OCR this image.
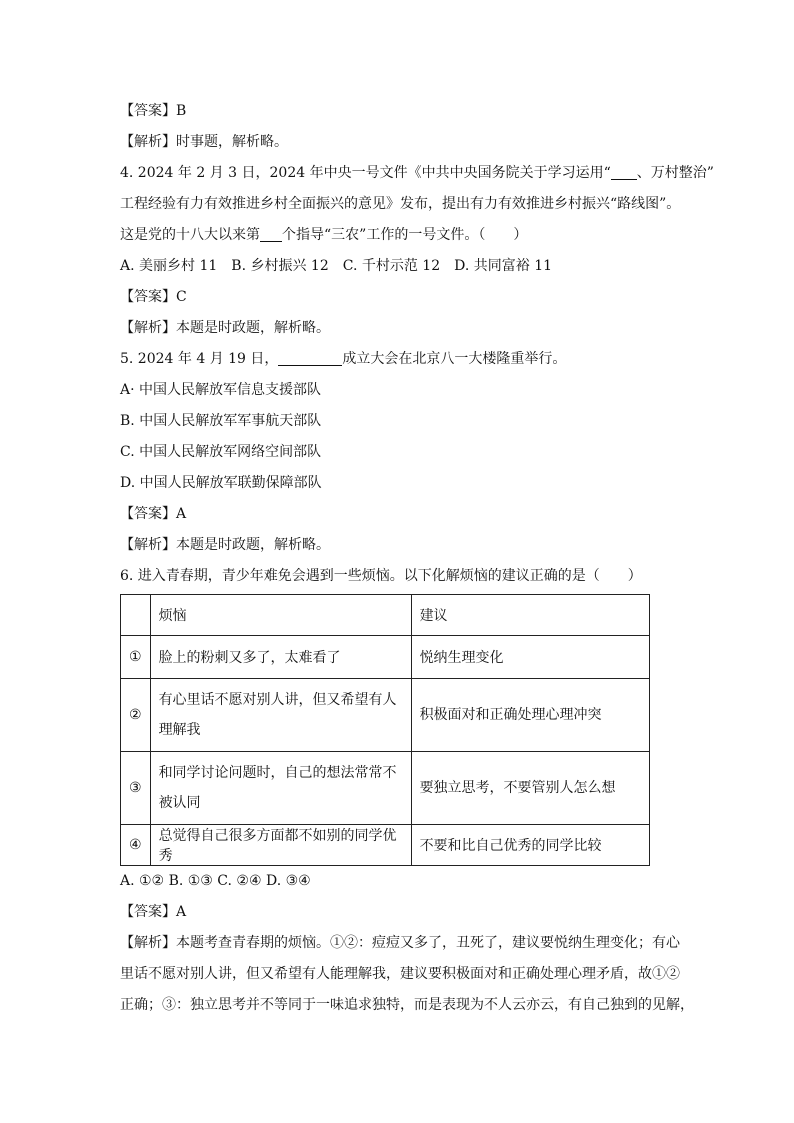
【答案】B
【解析】时事题，解析略。
4. 2024 年 2 月 3 日，2024 年中央一号文件《中共中央国务院关于学习运用“ 、万村整治”
工程经验有力有效推进乡村全面振兴的意见》发布，提出有力有效推进乡村振兴“路线图”。
这是党的十八大以来第 个指导“三农”工作的一号文件。（　　）
A. 美丽乡村 11 B. 乡村振兴 12 C. 千村示范 12 D. 共同富裕 11
【答案】C
【解析】本题是时政题，解析略。
5. 2024 年 4 月 19 日，	成立大会在北京八一大楼隆重举行。
A· 中国人民解放军信息支援部队
B. 中国人民解放军军事航天部队
C. 中国人民解放军网络空间部队
D. 中国人民解放军联勤保障部队
【答案】A
【解析】本题是时政题，解析略。
6. 进入青春期，青少年难免会遇到一些烦恼。以下化解烦恼的建议正确的是（　　）
	烦恼	建议
①	脸上的粉刺又多了，太难看了	悦纳生理变化
②	有心里话不愿对别人讲，但又希望有人理解我	积极面对和正确处理心理冲突
③	和同学讨论问题时，自己的想法常常不被认同	要独立思考，不要管别人怎么想
④	总觉得自己很多方面都不如别的同学优秀	不要和比自己优秀的同学比较
A. ①② B. ①③ C. ②④ D. ③④
【答案】A
【解析】本题考查青春期的烦恼。①②：痘痘又多了，丑死了，建议要悦纳生理变化；有心
里话不愿对别人讲，但又希望有人能理解我，建议要积极面对和正确处理心理矛盾，故①②
正确；③：独立思考并不等同于一味追求独特，而是表现为不人云亦云，有自己独到的见解，
